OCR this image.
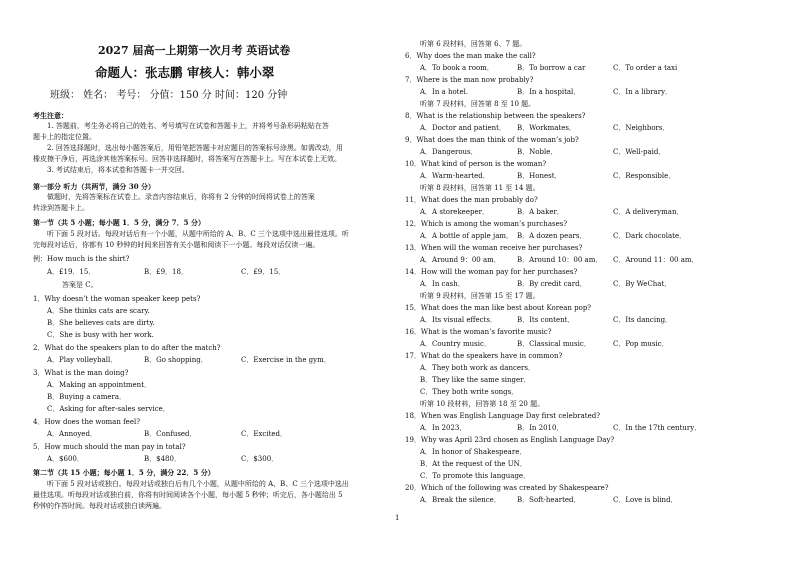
2027 届高一上期第一次月考 英语试卷
命题人：张志鹏 审核人：韩小翠
班级： 姓名： 考号： 分值：150 分 时间：120 分钟
考生注意：
1. 答题前，考生务必将自己的姓名、考号填写在试卷和答题卡上，并将考号条形码粘贴在答
题卡上的指定位置。
2. 回答选择题时，选出每小题答案后，用铅笔把答题卡对应题目的答案标号涂黑。如需改动，用
橡皮擦干净后，再选涂其他答案标号。回答非选择题时，将答案写在答题卡上。写在本试卷上无效。
3. 考试结束后，将本试卷和答题卡一并交回。
第一部分 听力（共两节，满分 30 分）
做题时，先将答案标在试卷上。录音内容结束后，你将有 2 分钟的时间将试卷上的答案
转涂到答题卡上。
第一节（共 5 小题；每小题 1．5 分，满分 7．5 分）
听下面 5 段对话。每段对话后有一个小题，从题中所给的 A、B、C 三个选项中选出最佳选项。听
完每段对话后，你都有 10 秒钟的时间来回答有关小题和阅读下一小题。每段对话仅读一遍。
例：How much is the shirt?
A．£19．15．	B．£9．18．	C．£9．15．
答案是 C。
1．Why doesn’t the woman speaker keep pets?
A．She thinks cats are scary.
B．She believes cats are dirty.
C．She is busy with her work.
2．What do the speakers plan to do after the match?
A．Play volleyball．	B．Go shopping．	C．Exercise in the gym．
3．What is the man doing?
A．Making an appointment．
B．Buying a camera．
C．Asking for after-sales service．
4．How does the woman feel?
A．Annoyed．	B．Confused．	C．Excited．
5．How much should the man pay in total?
A．$600．	B．$480．	C．$300．
第二节（共 15 小题；每小题 1．5 分，满分 22．5 分）
听下面 5 段对话或独白。每段对话或独白后有几个小题，从题中所给的 A、B、C 三个选项中选出
最佳选项。听每段对话或独白前，你将有时间阅读各个小题，每小题 5 秒钟；听完后，各小题给出 5
秒钟的作答时间。每段对话或独白读两遍。
听第 6 段材料，回答第 6、7 题。
6．Why does the man make the call?
A．To book a room．	B．To borrow a car	C．To order a taxi
7．Where is the man now probably?
A．In a hotel.	B．In a hospital．	C．In a library．
听第 7 段材料，回答第 8 至 10 题。
8．What is the relationship between the speakers?
A．Doctor and patient． B．Workmates．	C．Neighbors．
9．What does the man think of the woman’s job?
A．Dangerous．	B．Noble．	C．Well-paid．
10．What kind of person is the woman?
A．Warm-hearted．	B．Honest．	C．Responsible．
听第 8 段材料，回答第 11 至 14 题。
11．What does the man probably do?
A．A storekeeper．	B．A baker．	C．A deliveryman．
12．Which is among the woman’s purchases?
A．A bottle of apple jam． B．A dozen pears．	C．Dark chocolate．
13．When will the woman receive her purchases?
A．Around 9：00 am． B．Around 10：00 am． C．Around 11：00 am．
14．How will the woman pay for her purchases?
A．In cash．	B．By credit card．	C．By WeChat．
听第 9 段材料，回答第 15 至 17 题。
15．What does the man like best about Korean pop?
A．Its visual effects．	B．Its content．	C．Its dancing．
16．What is the woman’s favorite music?
A．Country music．	B．Classical music．	C．Pop music．
17．What do the speakers have in common?
A．They both work as dancers．
B．They like the same singer．
C．They both write songs．
听第 10 段材料，回答第 18 至 20 题。
18．When was English Language Day first celebrated?
A．In 2023．	B．In 2010．	C．In the 17th century．
19．Why was April 23rd chosen as English Language Day?
A．In honor of Shakespeare．
B．At the request of the UN．
C．To promote this language．
20．Which of the following was created by Shakespeare?
A．Break the silence． B．Soft-hearted．	C．Love is blind．
1
